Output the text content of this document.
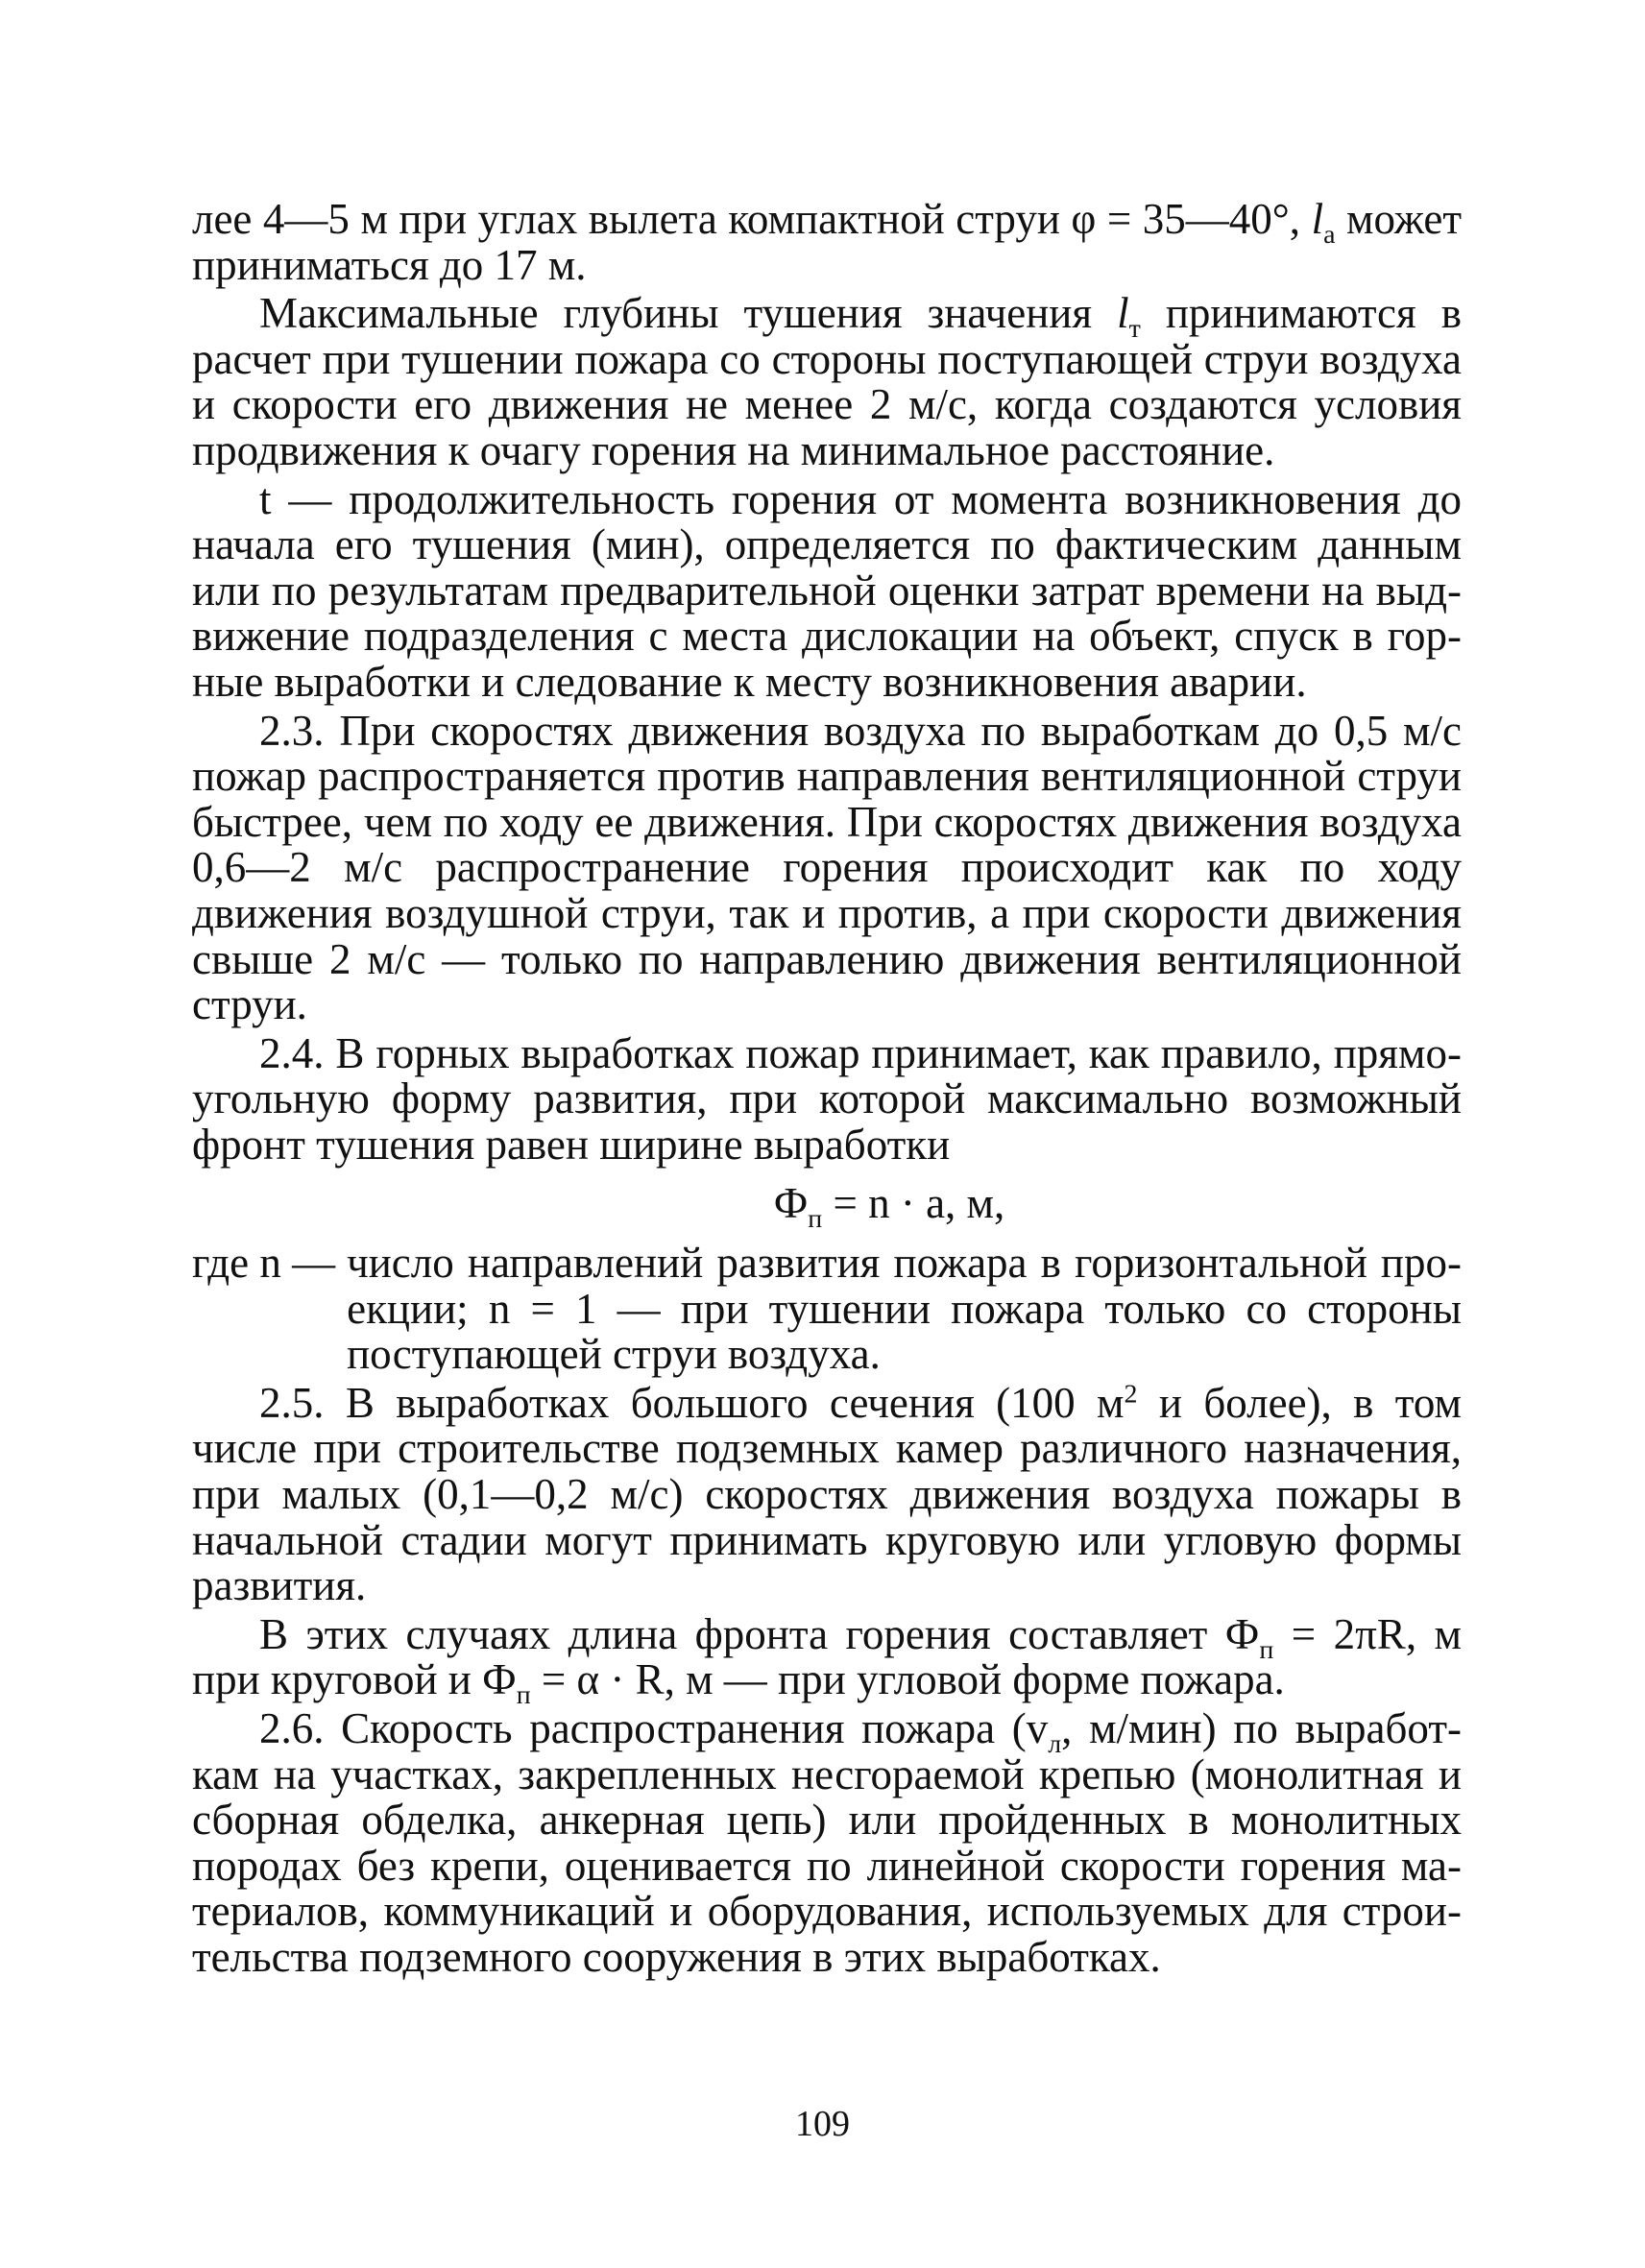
лее 4—5 м при углах вылета компактной струи φ = 35—40°, $l_а$ может приниматься до 17 м.

Максимальные глубины тушения значения $l_т$ принимаются в расчет при тушении пожара со стороны поступающей струи воздуха и скорости его движения не менее 2 м/с, когда создаются условия продвижения к очагу горения на минимальное расстояние.

t — продолжительность горения от момента возникновения до начала его тушения (мин), определяется по фактическим данным или по результатам предварительной оценки затрат времени на выдвижение подразделения с места дислокации на объект, спуск в горные выработки и следование к месту возникновения аварии.

2.3. При скоростях движения воздуха по выработкам до 0,5 м/с пожар распространяется против направления вентиляционной струи быстрее, чем по ходу ее движения. При скоростях движения воздуха 0,6—2 м/с распространение горения происходит как по ходу движения воздушной струи, так и против, а при скорости движения свыше 2 м/с — только по направлению движения вентиляционной струи.

2.4. В горных выработках пожар принимает, как правило, прямоугольную форму развития, при которой максимально возможный фронт тушения равен ширине выработки

$Ф_п = n \cdot а$, м,

где n — число направлений развития пожара в горизонтальной проекции; n = 1 — при тушении пожара только со стороны поступающей струи воздуха.

2.5. В выработках большого сечения (100 $м^2$ и более), в том числе при строительстве подземных камер различного назначения, при малых (0,1—0,2 м/с) скоростях движения воздуха пожары в начальной стадии могут принимать круговую или угловую формы развития.

В этих случаях длина фронта горения составляет $Ф_п = 2\pi R$, м при круговой и $Ф_п = \alpha \cdot R$, м — при угловой форме пожара.

2.6. Скорость распространения пожара ($v_л$, м/мин) по выработкам на участках, закрепленных несгораемой крепью (монолитная и сборная обделка, анкерная цепь) или пройденных в монолитных породах без крепи, оценивается по линейной скорости горения материалов, коммуникаций и оборудования, используемых для строительства подземного сооружения в этих выработках.

109
